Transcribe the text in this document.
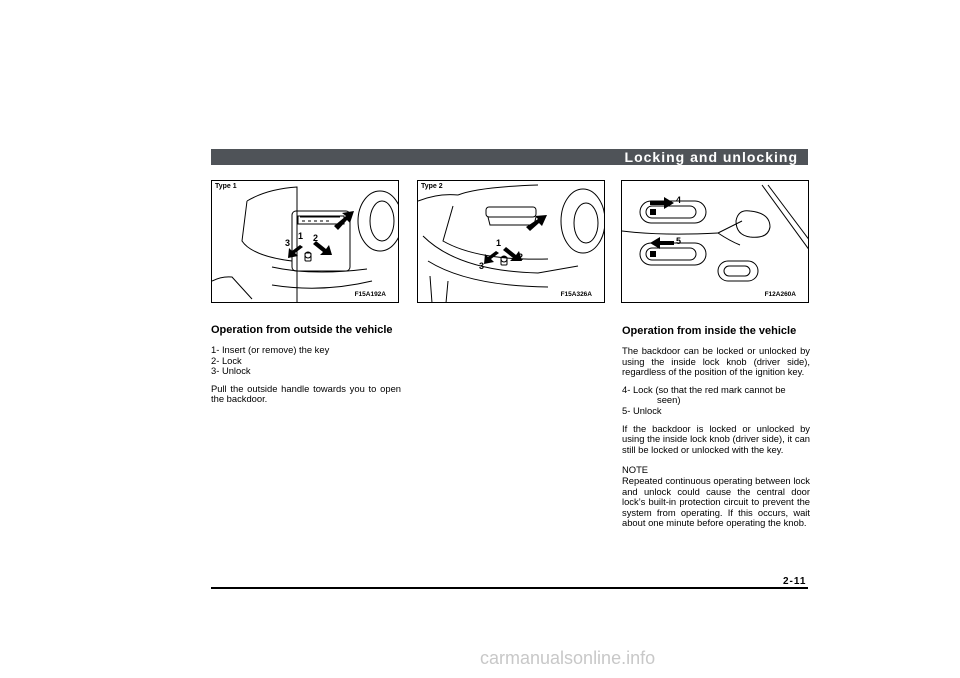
Locking and unlocking
1 2
3
Type 1
F15A192A
1
2
3
Type 2
F15A326A
4
5
F12A260A
Operation from outside the vehicle

1- Insert (or remove) the key

2- Lock

3- Unlock

Pull the outside handle towards you to open the backdoor.

Operation from inside the vehicle

The backdoor can be locked or unlocked by using the inside lock knob (driver side), regardless of the position of the ignition key.

4- Lock (so that the red mark cannot be

seen)

5- Unlock

If the backdoor is locked or unlocked by using the inside lock knob (driver side), it can still be locked or unlocked with the key.

NOTE

Repeated continuous operating between lock and unlock could cause the central door lock’s built-in protection circuit to prevent the system from operating. If this occurs, wait about one minute before operating the knob.

2-11
carmanualsonline.info
